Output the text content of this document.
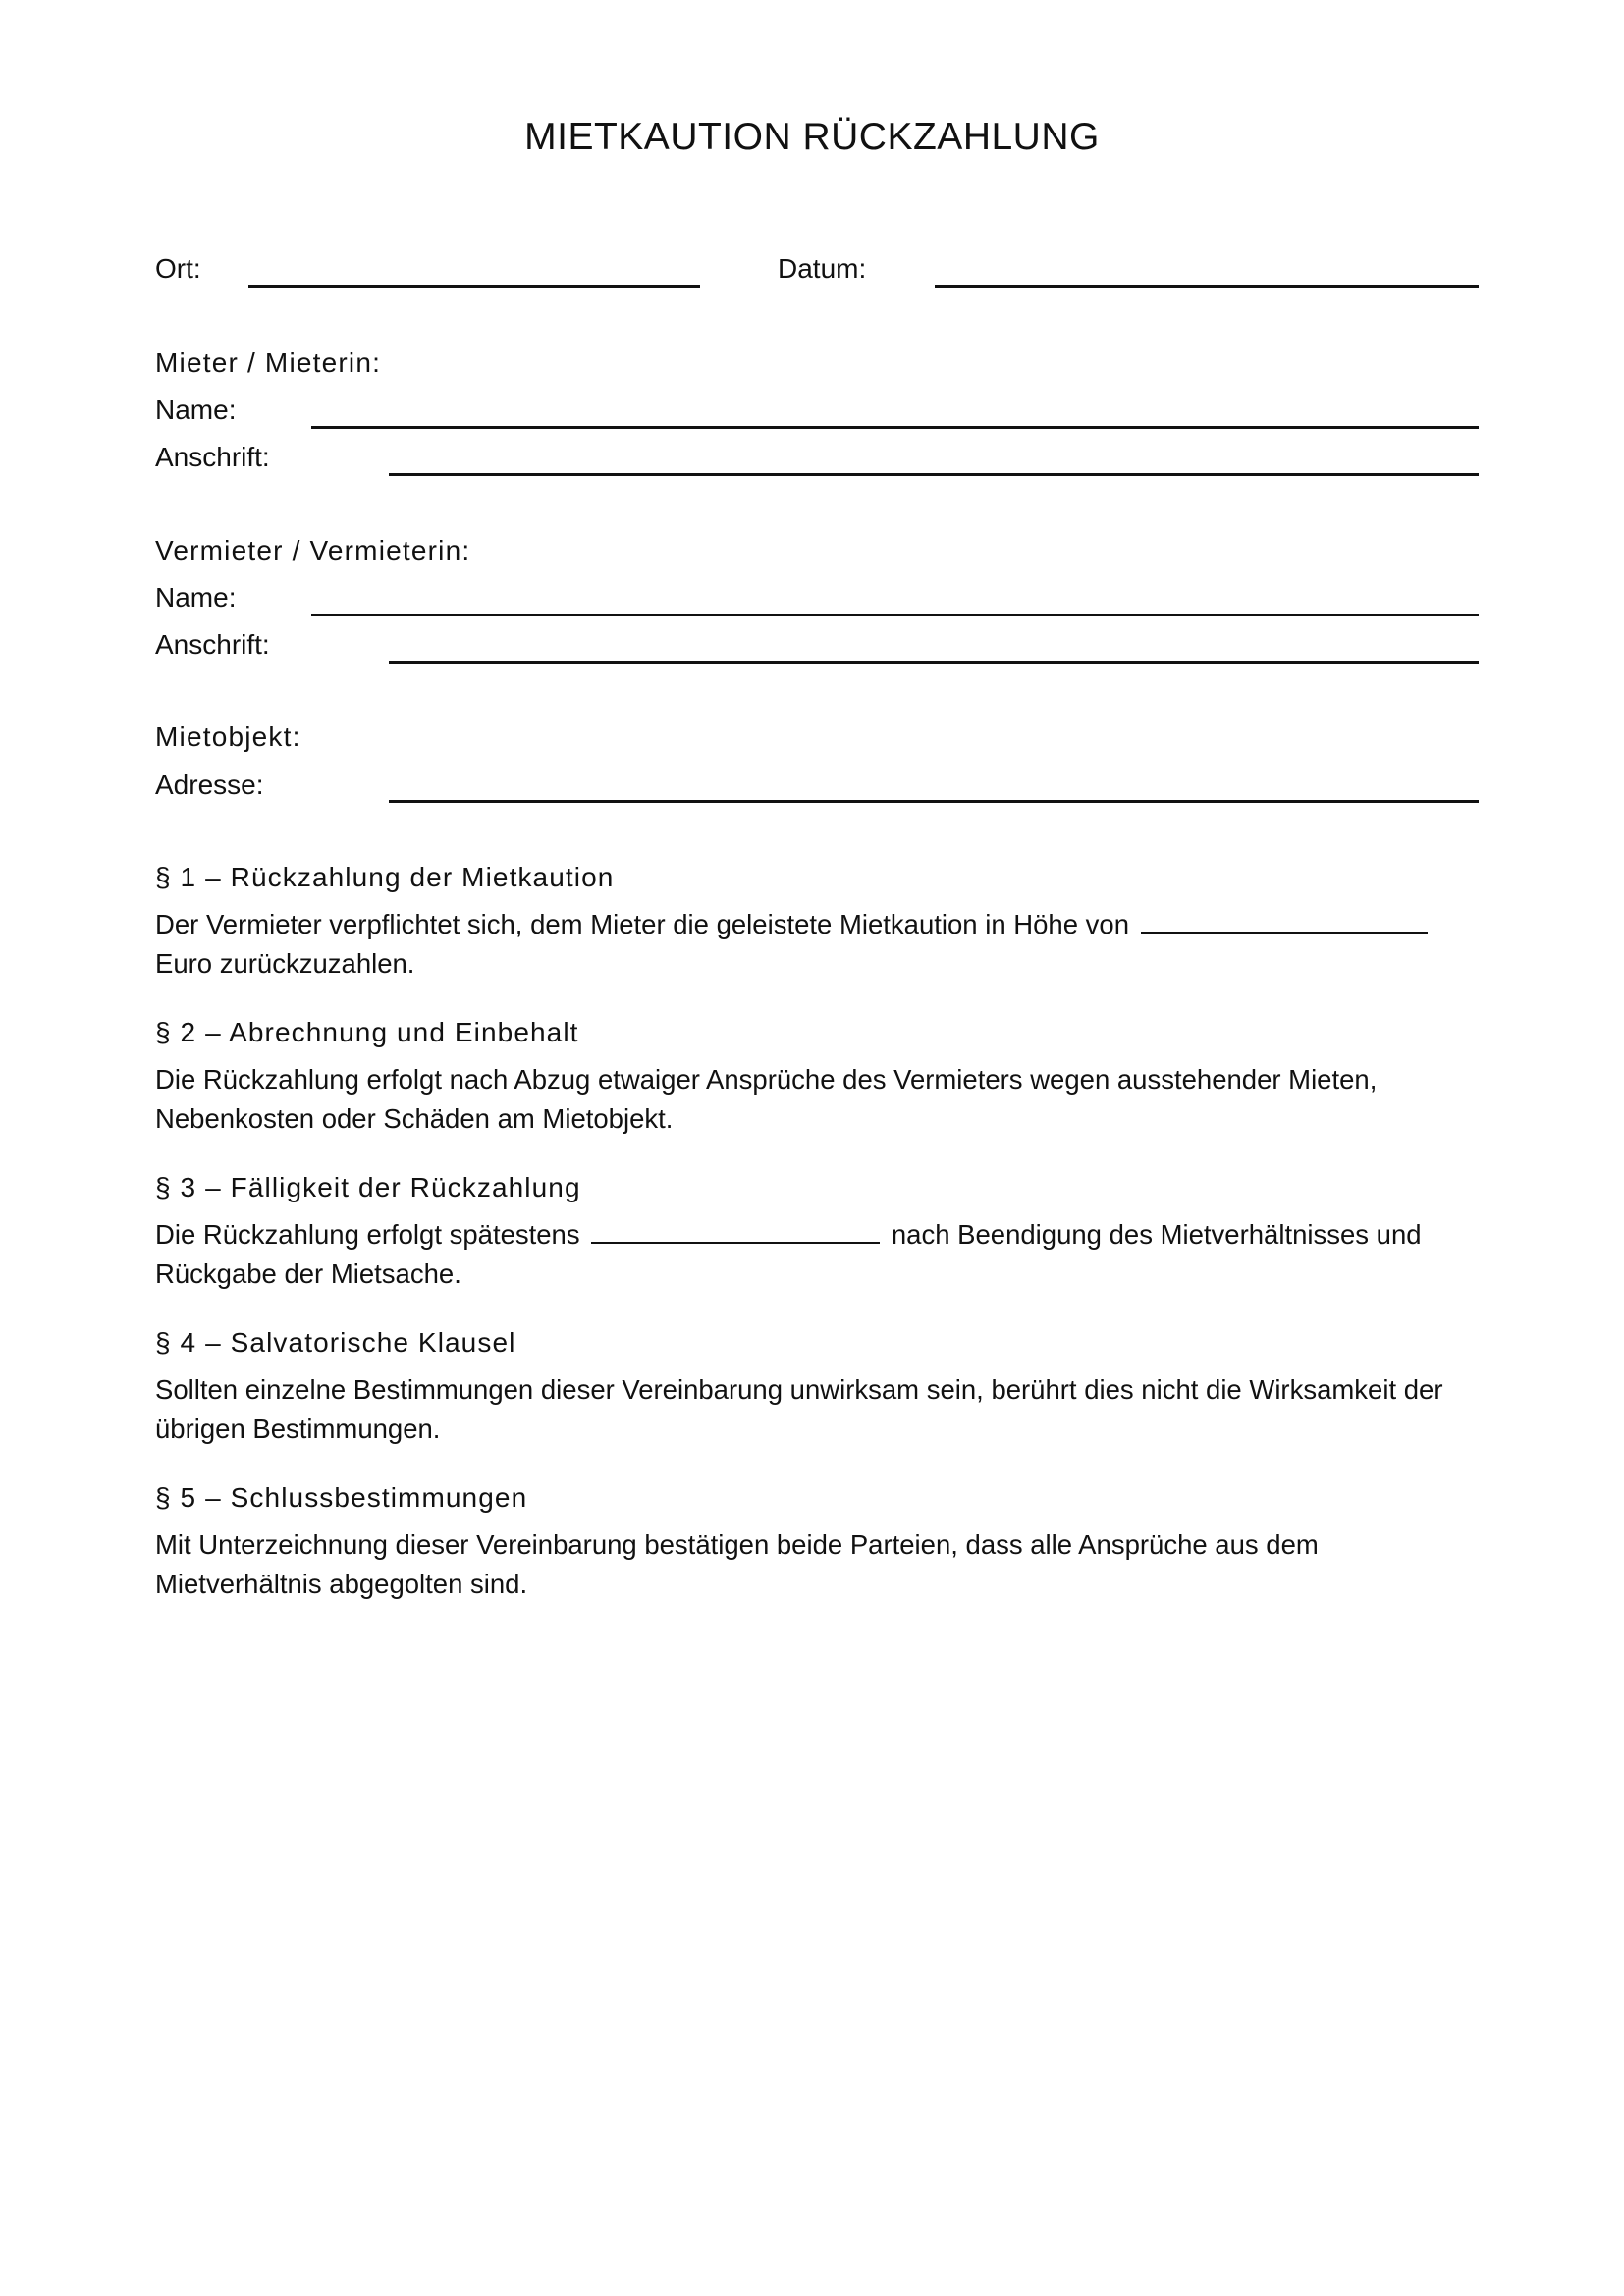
MIETKAUTION RÜCKZAHLUNG
Ort:	Datum:
Mieter / Mieterin:
Name:
Anschrift:
Vermieter / Vermieterin:
Name:
Anschrift:
Mietobjekt:
Adresse:
§ 1 – Rückzahlung der Mietkaution
Der Vermieter verpflichtet sich, dem Mieter die geleistete Mietkaution in Höhe von
Euro zurückzuzahlen.
§ 2 – Abrechnung und Einbehalt
Die Rückzahlung erfolgt nach Abzug etwaiger Ansprüche des Vermieters wegen ausstehender Mieten, Nebenkosten oder Schäden am Mietobjekt.
§ 3 – Fälligkeit der Rückzahlung
Die Rückzahlung erfolgt spätestens	nach Beendigung des Mietverhältnisses und Rückgabe der Mietsache.
§ 4 – Salvatorische Klausel
Sollten einzelne Bestimmungen dieser Vereinbarung unwirksam sein, berührt dies nicht die Wirksamkeit der übrigen Bestimmungen.
§ 5 – Schlussbestimmungen
Mit Unterzeichnung dieser Vereinbarung bestätigen beide Parteien, dass alle Ansprüche aus dem Mietverhältnis abgegolten sind.
